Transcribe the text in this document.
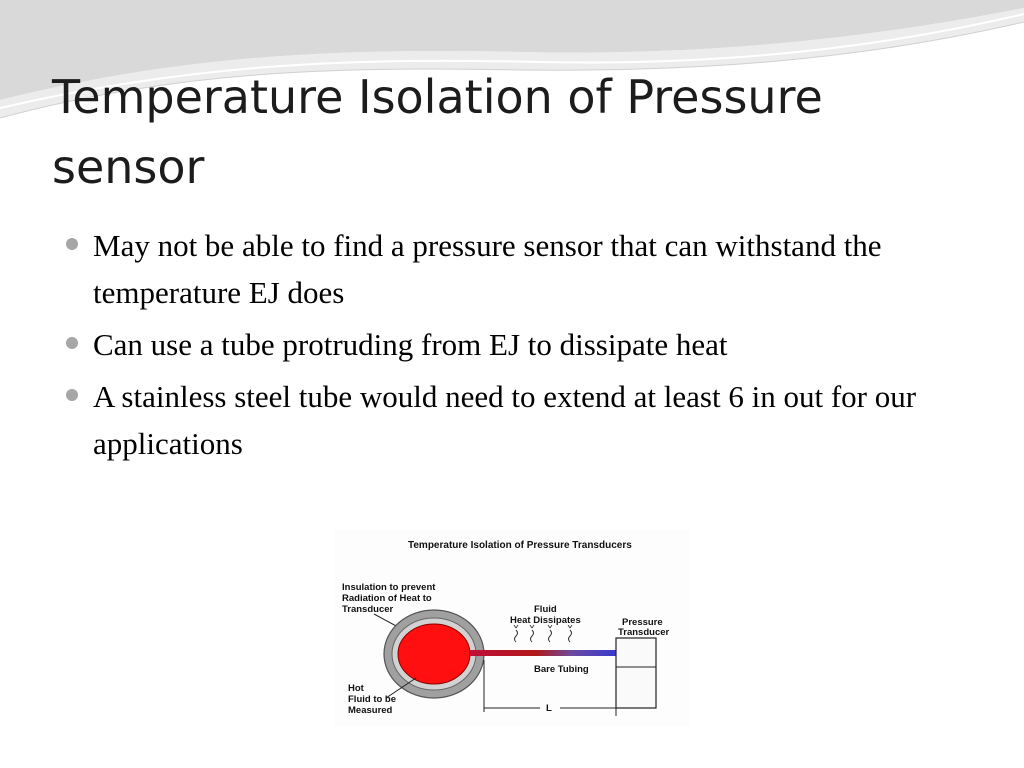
Temperature Isolation of Pressure sensor
May not be able to find a pressure sensor that can withstand the temperature EJ does
Can use a tube protruding from EJ to dissipate heat
A stainless steel tube would need to extend at least 6 in out for our applications
Temperature Isolation of Pressure Transducers
Insulation to prevent
Radiation of Heat to
Transducer	Fluid
Heat Dissipates	Pressure
Transducer
Bare Tubing
Hot
Fluid to be
Measured	L
